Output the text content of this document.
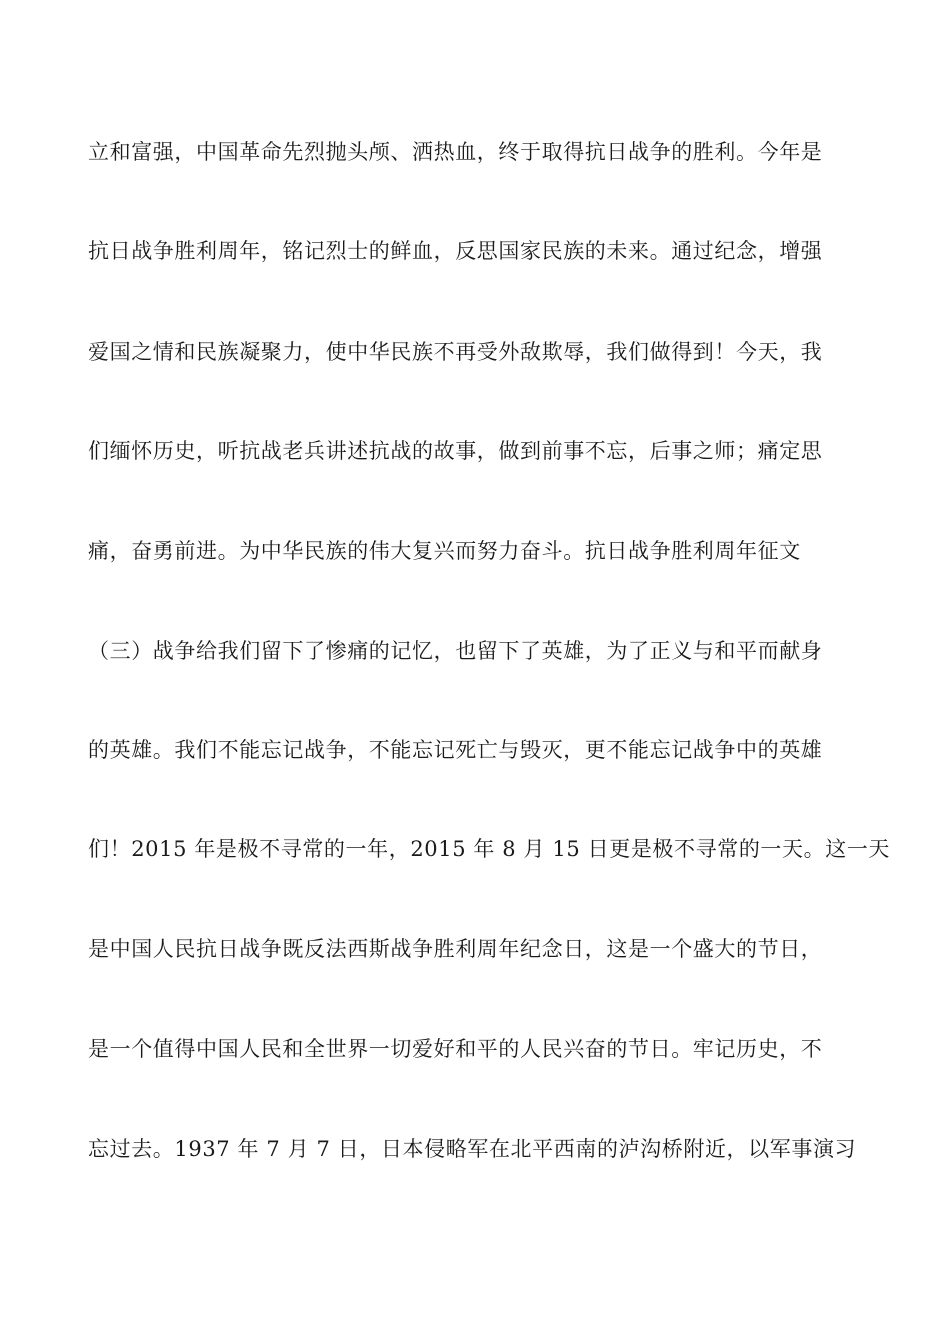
立和富强，中国革命先烈抛头颅、洒热血，终于取得抗日战争的胜利。今年是
抗日战争胜利周年，铭记烈士的鲜血，反思国家民族的未来。通过纪念，增强
爱国之情和民族凝聚力，使中华民族不再受外敌欺辱，我们做得到！今天，我
们缅怀历史，听抗战老兵讲述抗战的故事，做到前事不忘，后事之师；痛定思
痛，奋勇前进。为中华民族的伟大复兴而努力奋斗。抗日战争胜利周年征文
（三）战争给我们留下了惨痛的记忆，也留下了英雄，为了正义与和平而献身
的英雄。我们不能忘记战争，不能忘记死亡与毁灭，更不能忘记战争中的英雄
们！2015 年是极不寻常的一年，2015 年 8 月 15 日更是极不寻常的一天。这一天
是中国人民抗日战争既反法西斯战争胜利周年纪念日，这是一个盛大的节日，
是一个值得中国人民和全世界一切爱好和平的人民兴奋的节日。牢记历史，不
忘过去。1937 年 7 月 7 日，日本侵略军在北平西南的泸沟桥附近，以军事演习
